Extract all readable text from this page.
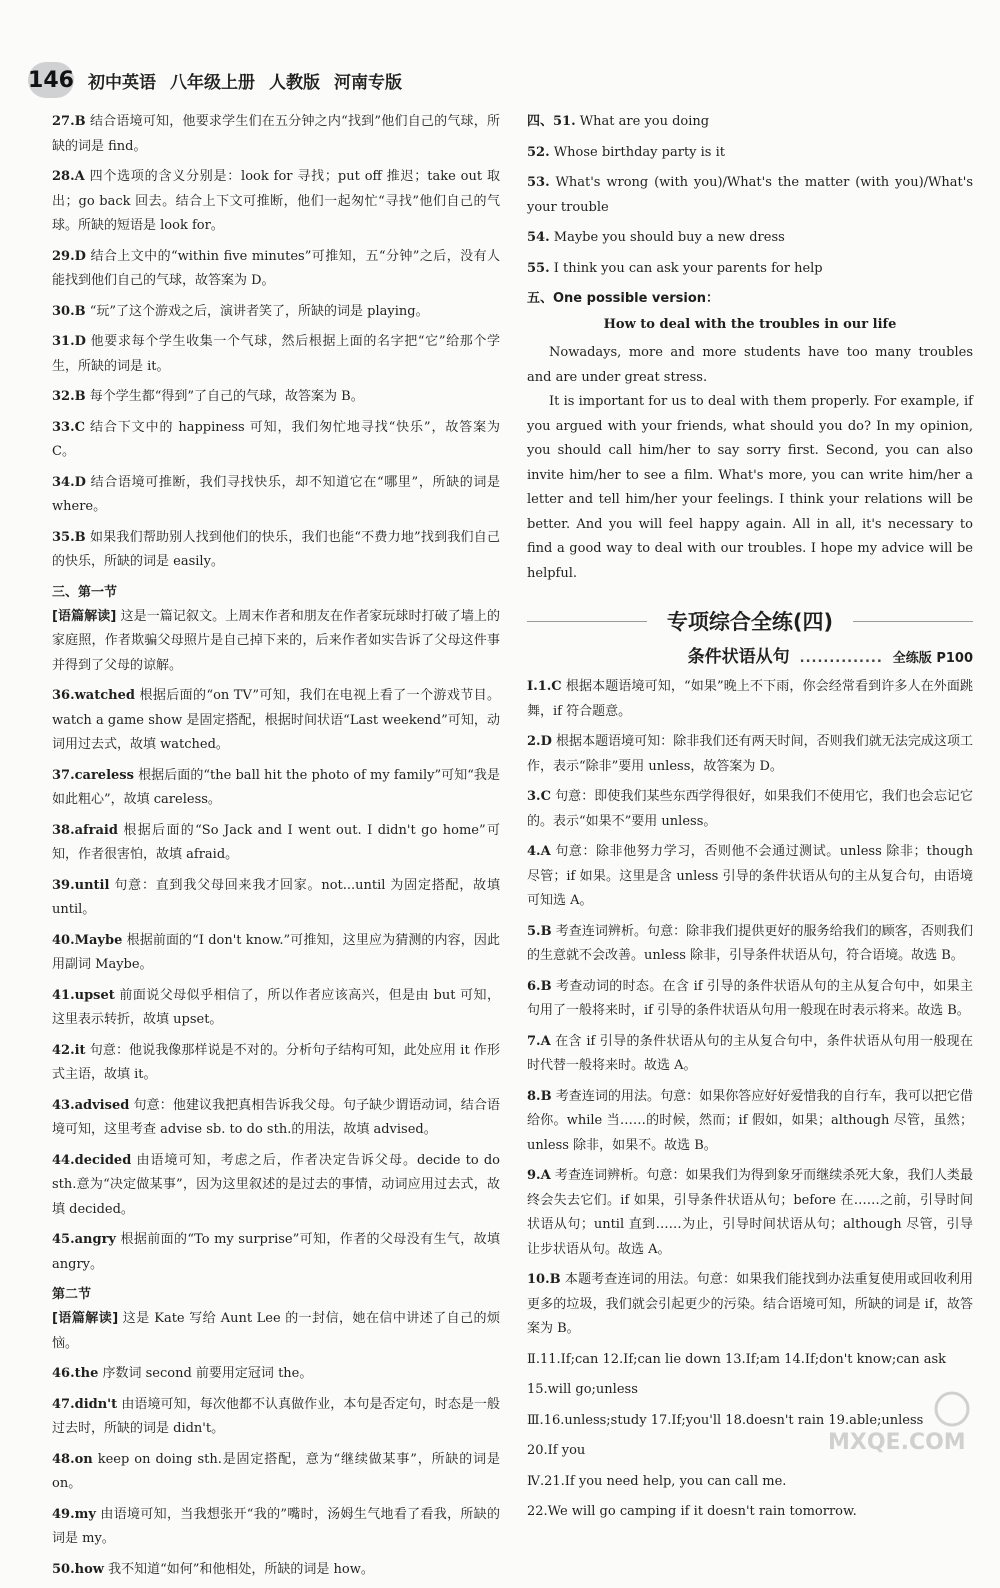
146 初中英语 八年级上册 人教版 河南专版
27.B 结合语境可知，他要求学生们在五分钟之内“找到”他们自己的气球，所缺的词是 find。
28.A 四个选项的含义分别是：look for 寻找；put off 推迟；take out 取出；go back 回去。结合上下文可推断，他们一起匆忙“寻找”他们自己的气球。所缺的短语是 look for。
29.D 结合上文中的“within five minutes”可推知，五“分钟”之后，没有人能找到他们自己的气球，故答案为 D。
30.B “玩”了这个游戏之后，演讲者笑了，所缺的词是 playing。
31.D 他要求每个学生收集一个气球，然后根据上面的名字把“它”给那个学生，所缺的词是 it。
32.B 每个学生都“得到”了自己的气球，故答案为 B。
33.C 结合下文中的 happiness 可知，我们匆忙地寻找“快乐”，故答案为 C。
34.D 结合语境可推断，我们寻找快乐，却不知道它在“哪里”，所缺的词是 where。
35.B 如果我们帮助别人找到他们的快乐，我们也能“不费力地”找到我们自己的快乐，所缺的词是 easily。
三、第一节
[语篇解读] 这是一篇记叙文。上周末作者和朋友在作者家玩球时打破了墙上的家庭照，作者欺骗父母照片是自己掉下来的，后来作者如实告诉了父母这件事并得到了父母的谅解。
36.watched 根据后面的“on TV”可知，我们在电视上看了一个游戏节目。watch a game show 是固定搭配，根据时间状语“Last weekend”可知，动词用过去式，故填 watched。
37.careless 根据后面的“the ball hit the photo of my family”可知“我是如此粗心”，故填 careless。
38.afraid 根据后面的“So Jack and I went out. I didn't go home”可知，作者很害怕，故填 afraid。
39.until 句意：直到我父母回来我才回家。not...until 为固定搭配，故填 until。
40.Maybe 根据前面的“I don't know.”可推知，这里应为猜测的内容，因此用副词 Maybe。
41.upset 前面说父母似乎相信了，所以作者应该高兴，但是由 but 可知，这里表示转折，故填 upset。
42.it 句意：他说我像那样说是不对的。分析句子结构可知，此处应用 it 作形式主语，故填 it。
43.advised 句意：他建议我把真相告诉我父母。句子缺少谓语动词，结合语境可知，这里考查 advise sb. to do sth.的用法，故填 advised。
44.decided 由语境可知，考虑之后，作者决定告诉父母。decide to do sth.意为“决定做某事”，因为这里叙述的是过去的事情，动词应用过去式，故填 decided。
45.angry 根据前面的“To my surprise”可知，作者的父母没有生气，故填 angry。
第二节
[语篇解读] 这是 Kate 写给 Aunt Lee 的一封信，她在信中讲述了自己的烦恼。
46.the 序数词 second 前要用定冠词 the。
47.didn't 由语境可知，每次他都不认真做作业，本句是否定句，时态是一般过去时，所缺的词是 didn't。
48.on keep on doing sth.是固定搭配，意为“继续做某事”，所缺的词是 on。
49.my 由语境可知，当我想张开“我的”嘴时，汤姆生气地看了看我，所缺的词是 my。
50.how 我不知道“如何”和他相处，所缺的词是 how。
四、51. What are you doing
52. Whose birthday party is it
53. What's wrong (with you)/What's the matter (with you)/What's your trouble
54. Maybe you should buy a new dress
55. I think you can ask your parents for help
五、One possible version：
How to deal with the troubles in our life

Nowadays, more and more students have too many troubles and are under great stress.

It is important for us to deal with them properly. For example, if you argued with your friends, what should you do? In my opinion, you should call him/her to say sorry first. Second, you can also invite him/her to see a film. What's more, you can write him/her a letter and tell him/her your feelings. I think your relations will be better. And you will feel happy again. All in all, it's necessary to find a good way to deal with our troubles. I hope my advice will be helpful.

专项综合全练(四)
条件状语从句 .............. 全练版 P100
Ⅰ.1.C 根据本题语境可知，“如果”晚上不下雨，你会经常看到许多人在外面跳舞，if 符合题意。
2.D 根据本题语境可知：除非我们还有两天时间，否则我们就无法完成这项工作，表示“除非”要用 unless，故答案为 D。
3.C 句意：即使我们某些东西学得很好，如果我们不使用它，我们也会忘记它的。表示“如果不”要用 unless。
4.A 句意：除非他努力学习，否则他不会通过测试。unless 除非；though 尽管；if 如果。这里是含 unless 引导的条件状语从句的主从复合句，由语境可知选 A。
5.B 考查连词辨析。句意：除非我们提供更好的服务给我们的顾客，否则我们的生意就不会改善。unless 除非，引导条件状语从句，符合语境。故选 B。
6.B 考查动词的时态。在含 if 引导的条件状语从句的主从复合句中，如果主句用了一般将来时，if 引导的条件状语从句用一般现在时表示将来。故选 B。
7.A 在含 if 引导的条件状语从句的主从复合句中，条件状语从句用一般现在时代替一般将来时。故选 A。
8.B 考查连词的用法。句意：如果你答应好好爱惜我的自行车，我可以把它借给你。while 当……的时候，然而；if 假如，如果；although 尽管，虽然；unless 除非，如果不。故选 B。
9.A 考查连词辨析。句意：如果我们为得到象牙而继续杀死大象，我们人类最终会失去它们。if 如果，引导条件状语从句；before 在……之前，引导时间状语从句；until 直到……为止，引导时间状语从句；although 尽管，引导让步状语从句。故选 A。
10.B 本题考查连词的用法。句意：如果我们能找到办法重复使用或回收利用更多的垃圾，我们就会引起更少的污染。结合语境可知，所缺的词是 if，故答案为 B。
Ⅱ.11.If;can 12.If;can lie down 13.If;am 14.If;don't know;can ask
15.will go;unless
Ⅲ.16.unless;study 17.If;you'll 18.doesn't rain 19.able;unless
20.If you
Ⅳ.21.If you need help, you can call me.
22.We will go camping if it doesn't rain tomorrow.
MXQE.COM
